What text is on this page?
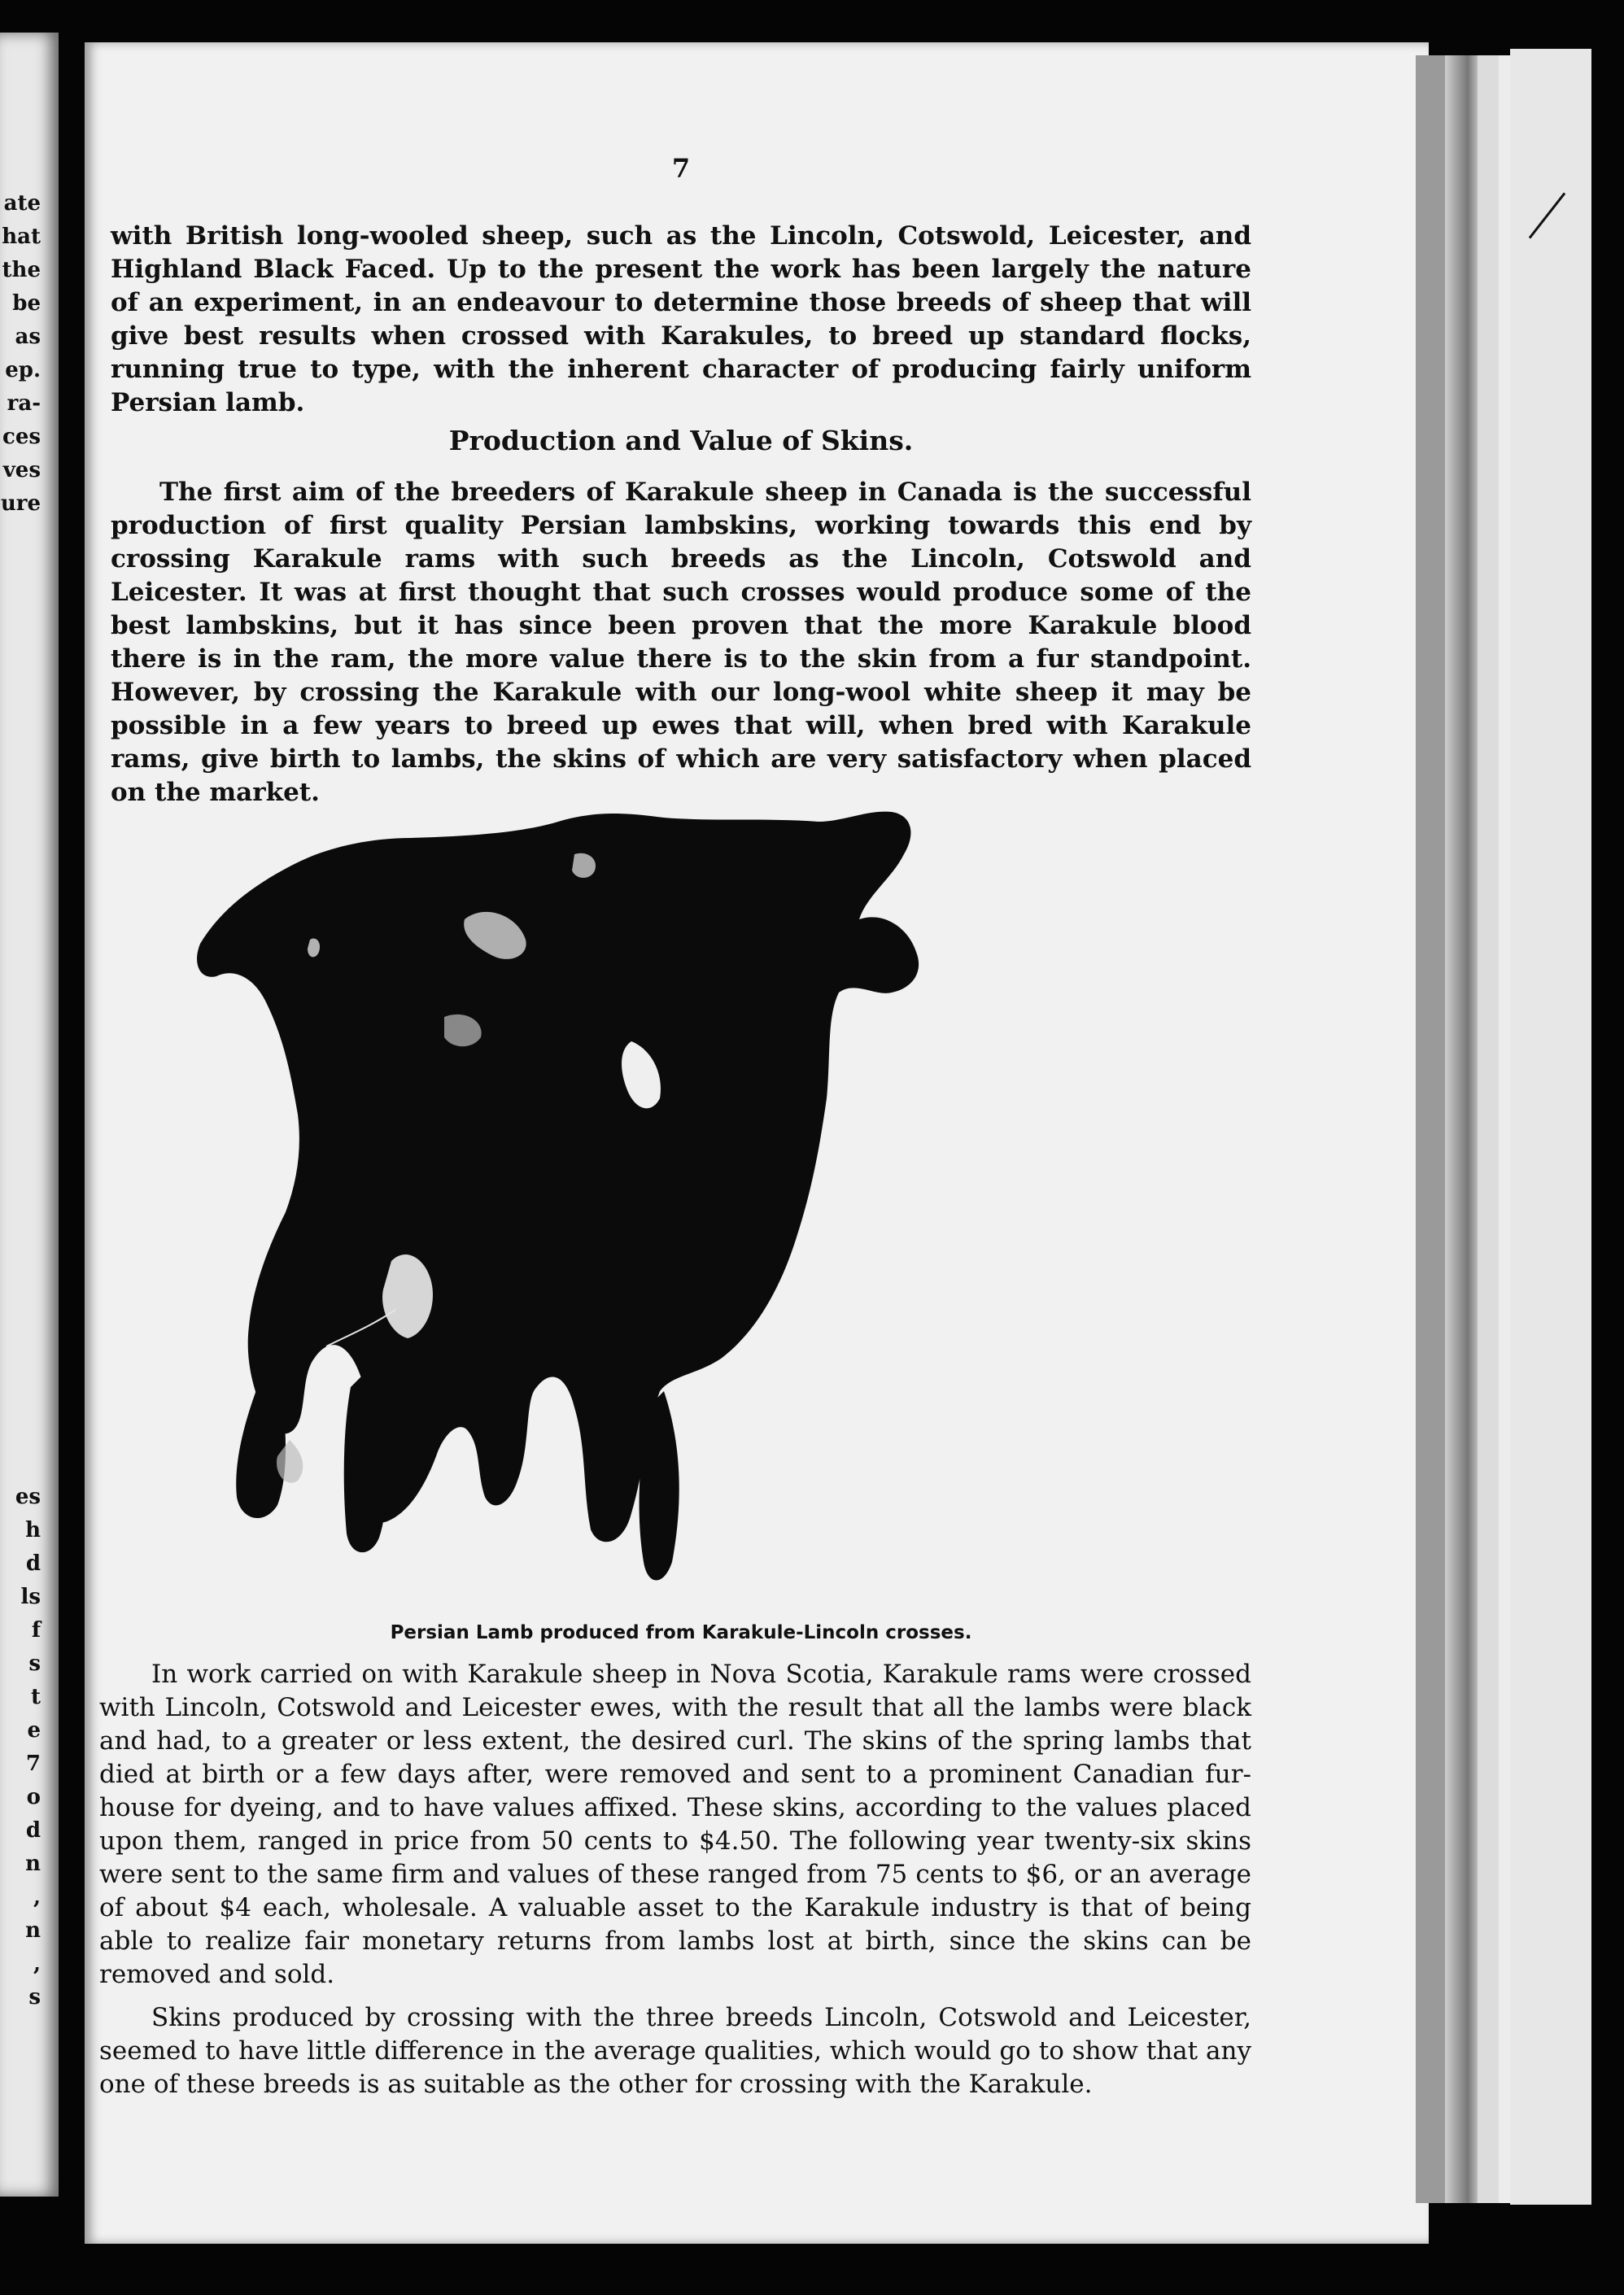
ate
hat
the
be
as
ep.
ra-
ces
ves
ure
es
h
d
ls
f
s
t
e
7
o
d
n
,
n
,
s
7

with British long-wooled sheep, such as the Lincoln, Cotswold, Leicester, and Highland Black Faced. Up to the present the work has been largely the nature of an experiment, in an endeavour to determine those breeds of sheep that will give best results when crossed with Karakules, to breed up standard flocks, running true to type, with the inherent character of producing fairly uniform Persian lamb.

Production and Value of Skins.

The first aim of the breeders of Karakule sheep in Canada is the successful production of first quality Persian lambskins, working towards this end by crossing Karakule rams with such breeds as the Lincoln, Cotswold and Leicester. It was at first thought that such crosses would produce some of the best lambskins, but it has since been proven that the more Karakule blood there is in the ram, the more value there is to the skin from a fur standpoint. However, by crossing the Karakule with our long-wool white sheep it may be possible in a few years to breed up ewes that will, when bred with Karakule rams, give birth to lambs, the skins of which are very satisfactory when placed on the market.

Persian Lamb produced from Karakule-Lincoln crosses.

In work carried on with Karakule sheep in Nova Scotia, Karakule rams were crossed with Lincoln, Cotswold and Leicester ewes, with the result that all the lambs were black and had, to a greater or less extent, the desired curl. The skins of the spring lambs that died at birth or a few days after, were removed and sent to a prominent Canadian fur-house for dyeing, and to have values affixed. These skins, according to the values placed upon them, ranged in price from 50 cents to $4.50. The following year twenty-six skins were sent to the same firm and values of these ranged from 75 cents to $6, or an average of about $4 each, wholesale. A valuable asset to the Karakule industry is that of being able to realize fair monetary returns from lambs lost at birth, since the skins can be removed and sold.

Skins produced by crossing with the three breeds Lincoln, Cotswold and Leicester, seemed to have little difference in the average qualities, which would go to show that any one of these breeds is as suitable as the other for crossing with the Karakule.
